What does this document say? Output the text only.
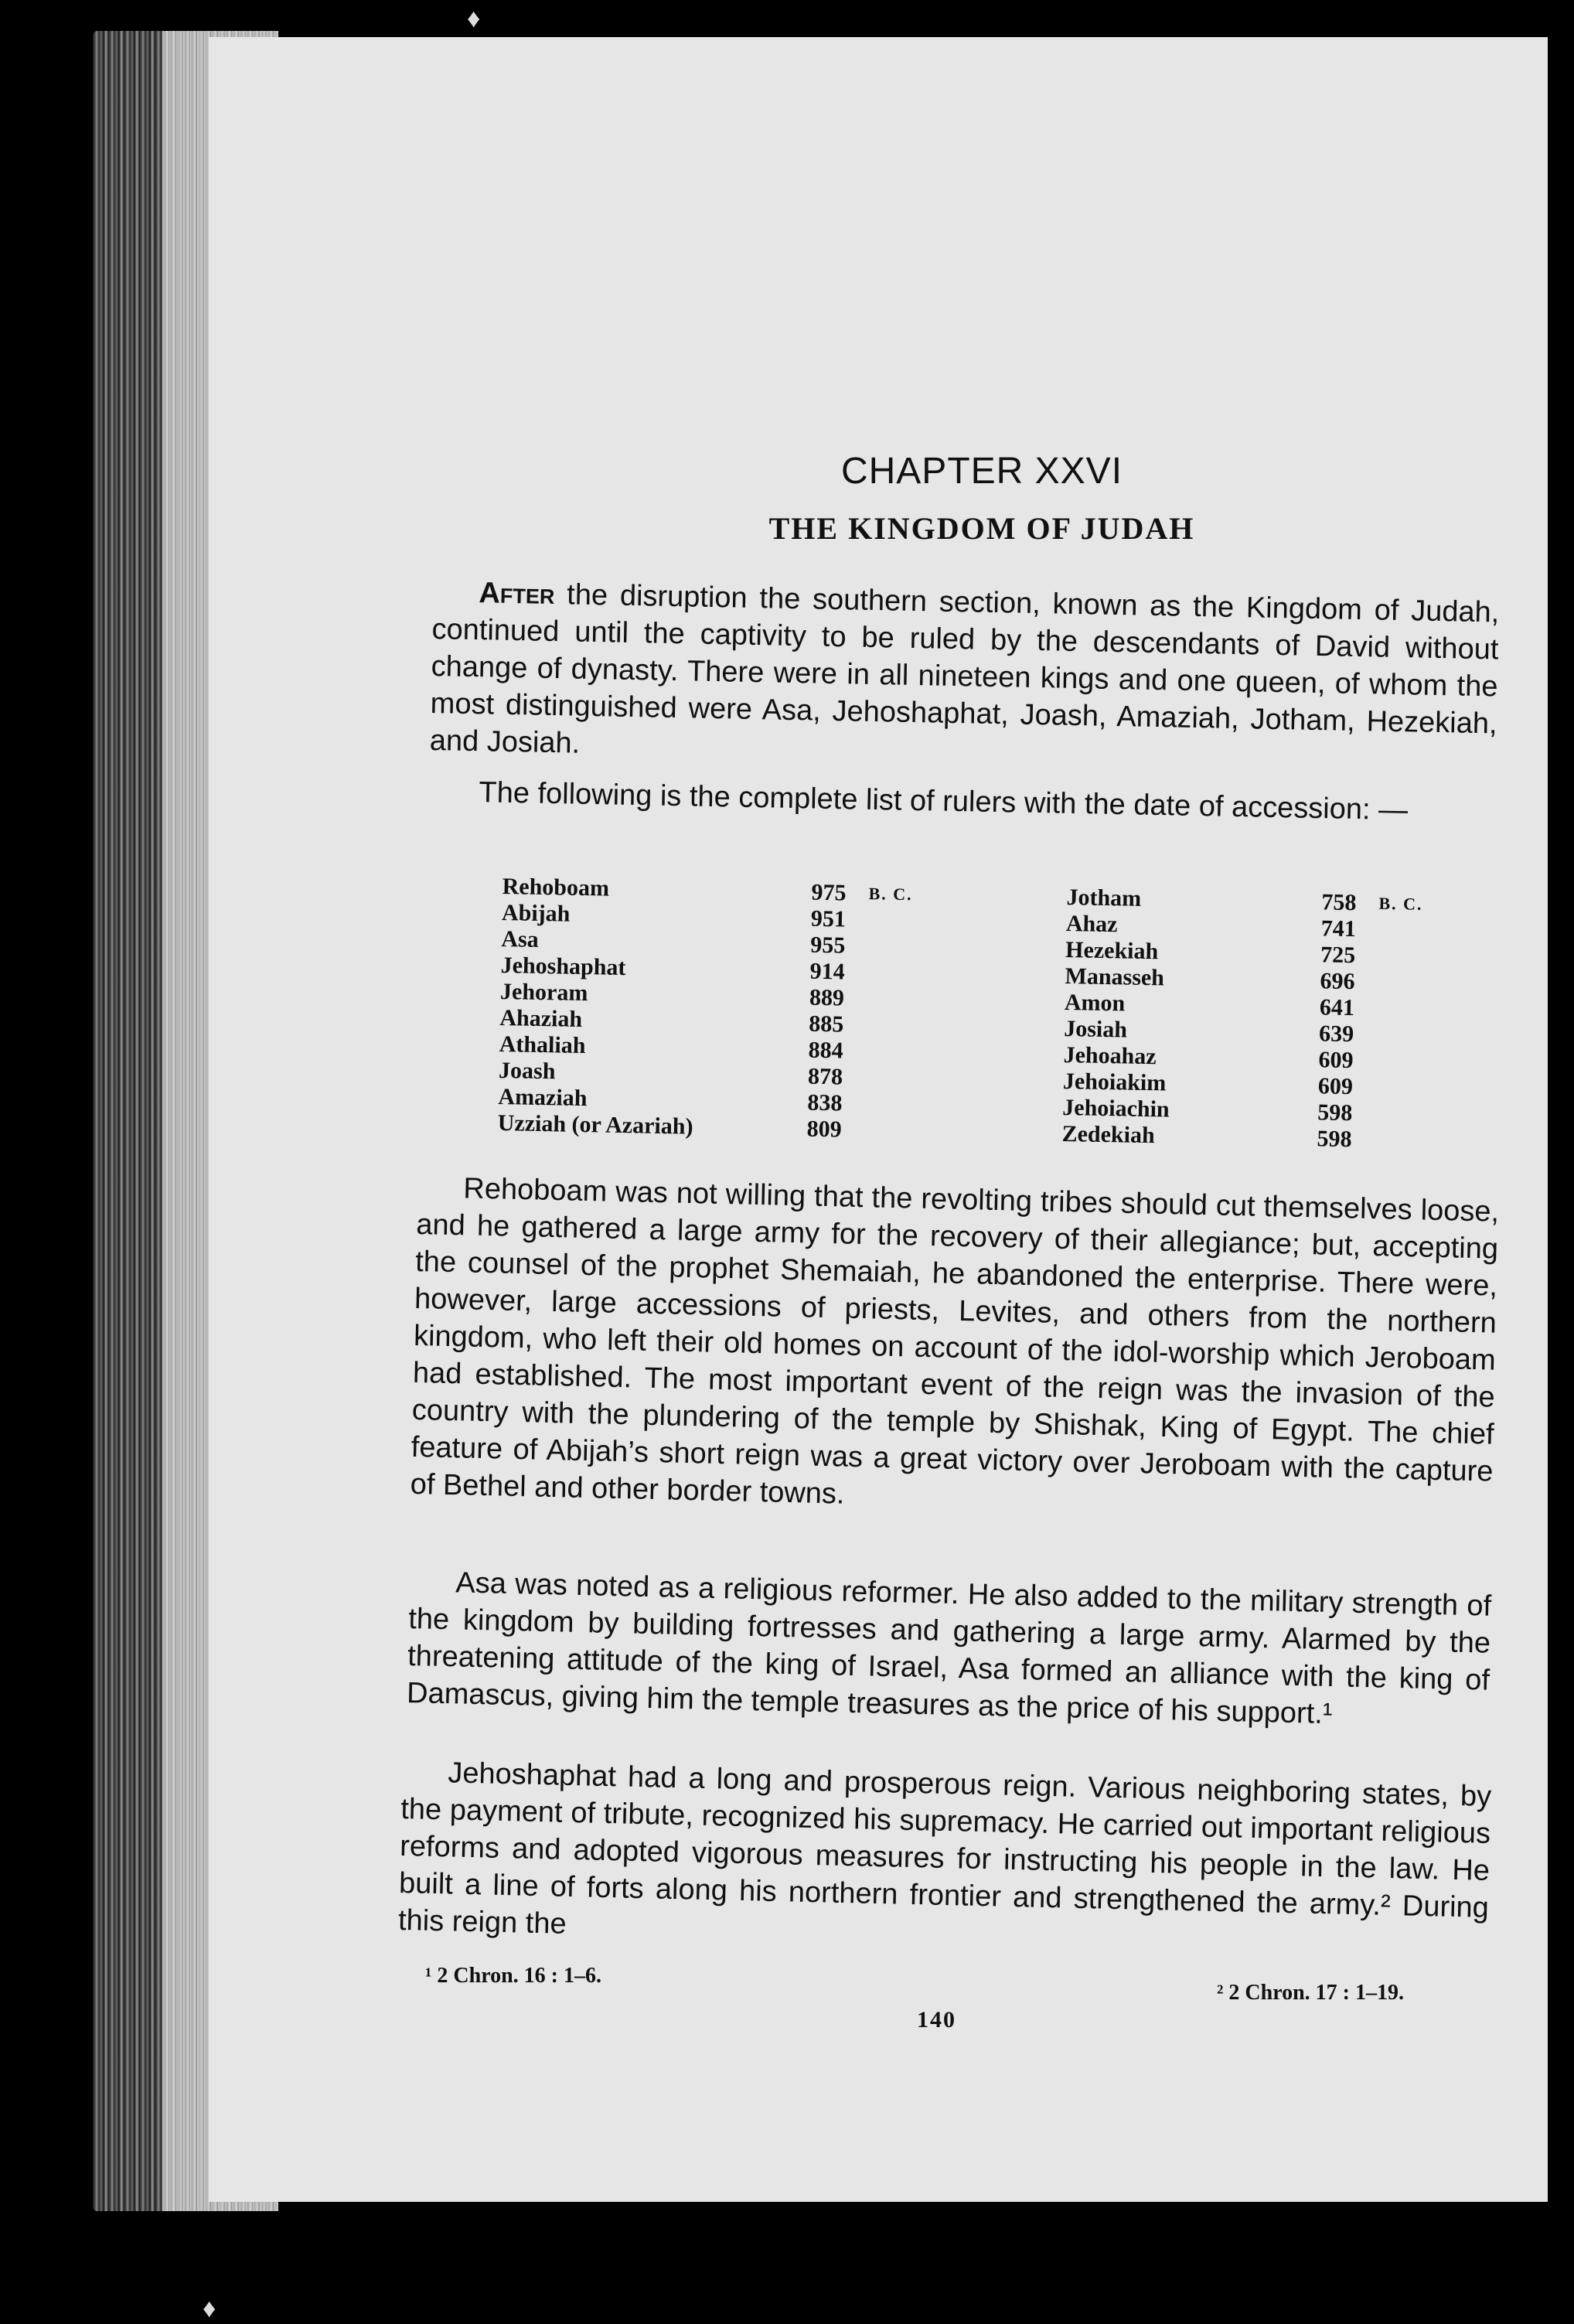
♦
♦
CHAPTER XXVI
THE KINGDOM OF JUDAH

After the disruption the southern section, known as the Kingdom of Judah, continued until the captivity to be ruled by the descendants of David without change of dynasty. There were in all nineteen kings and one queen, of whom the most distinguished were Asa, Jehoshaphat, Joash, Amaziah, Jotham, Hezekiah, and Josiah.

The following is the complete list of rulers with the date of accession: —

Rehoboam	975 B. C.
Abijah	951
Asa	955
Jehoshaphat	914
Jehoram	889
Ahaziah	885
Athaliah	884
Joash	878
Amaziah	838
Uzziah (or Azariah)	809
Jotham	758 B. C.
Ahaz	741
Hezekiah	725
Manasseh	696
Amon	641
Josiah	639
Jehoahaz	609
Jehoiakim	609
Jehoiachin	598
Zedekiah	598

Rehoboam was not willing that the revolting tribes should cut themselves loose, and he gathered a large army for the recovery of their allegiance; but, accepting the counsel of the prophet Shemaiah, he abandoned the enterprise. There were, however, large accessions of priests, Levites, and others from the northern kingdom, who left their old homes on account of the idol-worship which Jeroboam had established. The most important event of the reign was the invasion of the country with the plundering of the temple by Shishak, King of Egypt. The chief feature of Abijah’s short reign was a great victory over Jeroboam with the capture of Bethel and other border towns.

Asa was noted as a religious reformer. He also added to the military strength of the kingdom by building fortresses and gathering a large army. Alarmed by the threatening attitude of the king of Israel, Asa formed an alliance with the king of Damascus, giving him the temple treasures as the price of his support.¹

Jehoshaphat had a long and prosperous reign. Various neighboring states, by the payment of tribute, recognized his supremacy. He carried out important religious reforms and adopted vigorous measures for instructing his people in the law. He built a line of forts along his northern frontier and strengthened the army.² During this reign the

¹ 2 Chron. 16 : 1–6.
² 2 Chron. 17 : 1–19.
140
